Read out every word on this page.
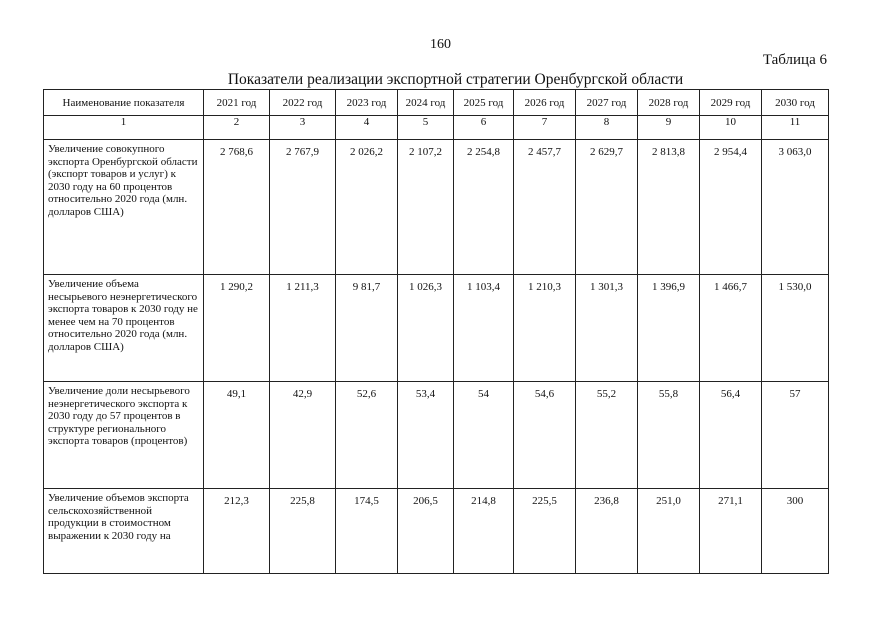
160
Таблица 6
Показатели реализации экспортной стратегии Оренбургской области
Наименование показателя	2021 год	2022 год	2023 год	2024 год	2025 год	2026 год	2027 год	2028 год	2029 год	2030 год
1	2	3	4	5	6	7	8	9	10	11
Увеличение совокупного экспорта Оренбургской области (экспорт товаров и услуг) к 2030 году на 60 процентов относительно 2020 года (млн. долларов США)	2 768,6	2 767,9	2 026,2	2 107,2	2 254,8	2 457,7	2 629,7	2 813,8	2 954,4	3 063,0
Увеличение объема несырьевого неэнергетического экспорта товаров к 2030 году не менее чем на 70 процентов относительно 2020 года (млн. долларов США)	1 290,2	1 211,3	9 81,7	1 026,3	1 103,4	1 210,3	1 301,3	1 396,9	1 466,7	1 530,0
Увеличение доли несырьевого неэнергетического экспорта к 2030 году до 57 процентов в структуре регионального экспорта товаров (процентов)	49,1	42,9	52,6	53,4	54	54,6	55,2	55,8	56,4	57
Увеличение объемов экспорта сельскохозяйственной продукции в стоимостном выражении к 2030 году на	212,3	225,8	174,5	206,5	214,8	225,5	236,8	251,0	271,1	300
